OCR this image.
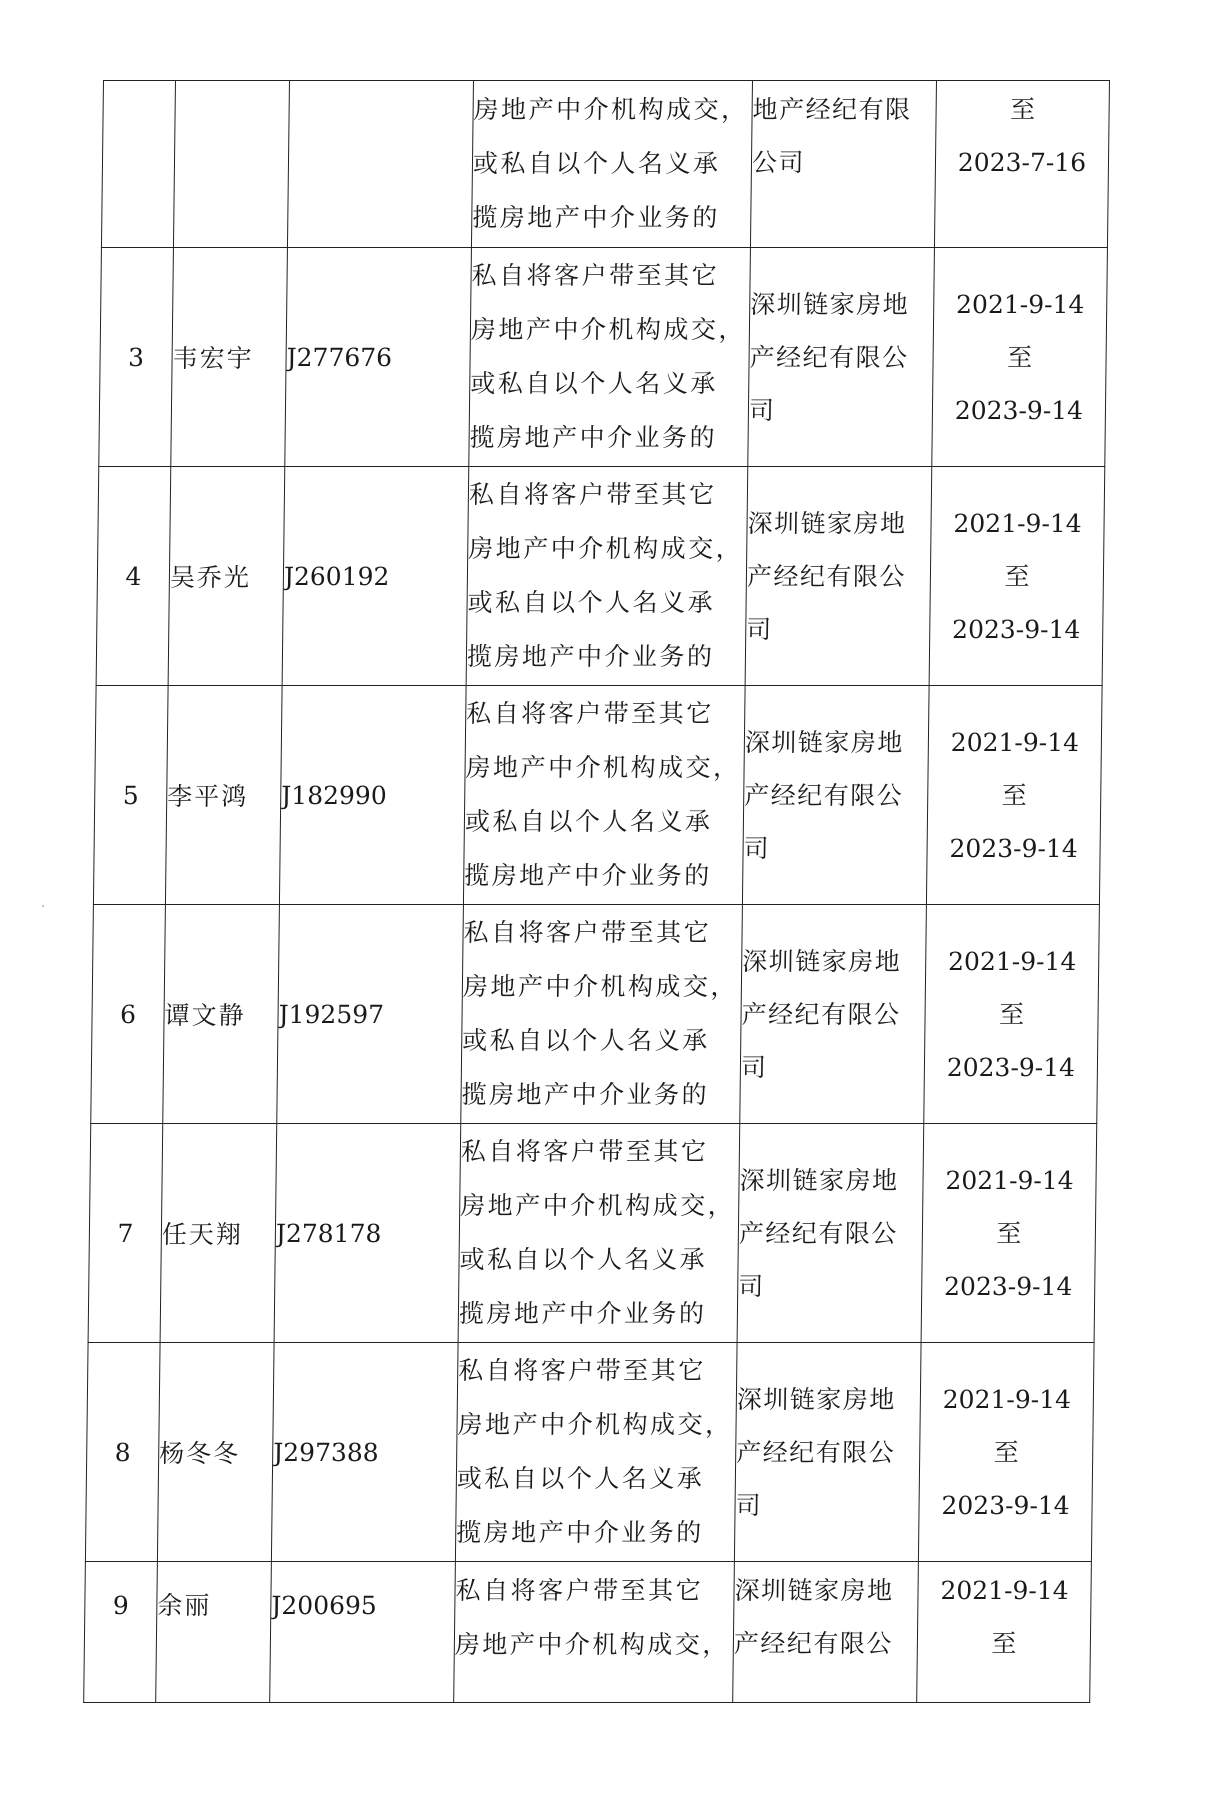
			房地产中介机构成交，
或私自以个人名义承
揽房地产中介业务的	地产经纪有限
公司	至
2023-7-16

3	韦宏宇	J277676	私自将客户带至其它
房地产中介机构成交，
或私自以个人名义承
揽房地产中介业务的	深圳链家房地
产经纪有限公
司	2021-9-14
至
2023-9-14

4	吴乔光	J260192	私自将客户带至其它
房地产中介机构成交，
或私自以个人名义承
揽房地产中介业务的	深圳链家房地
产经纪有限公
司	2021-9-14
至
2023-9-14

5	李平鸿	J182990	私自将客户带至其它
房地产中介机构成交，
或私自以个人名义承
揽房地产中介业务的	深圳链家房地
产经纪有限公
司	2021-9-14
至
2023-9-14

6	谭文静	J192597	私自将客户带至其它
房地产中介机构成交，
或私自以个人名义承
揽房地产中介业务的	深圳链家房地
产经纪有限公
司	2021-9-14
至
2023-9-14

7	任天翔	J278178	私自将客户带至其它
房地产中介机构成交，
或私自以个人名义承
揽房地产中介业务的	深圳链家房地
产经纪有限公
司	2021-9-14
至
2023-9-14

8	杨冬冬	J297388	私自将客户带至其它
房地产中介机构成交，
或私自以个人名义承
揽房地产中介业务的	深圳链家房地
产经纪有限公
司	2021-9-14
至
2023-9-14

9	余丽	J200695	私自将客户带至其它
房地产中介机构成交，	深圳链家房地
产经纪有限公	2021-9-14
至
